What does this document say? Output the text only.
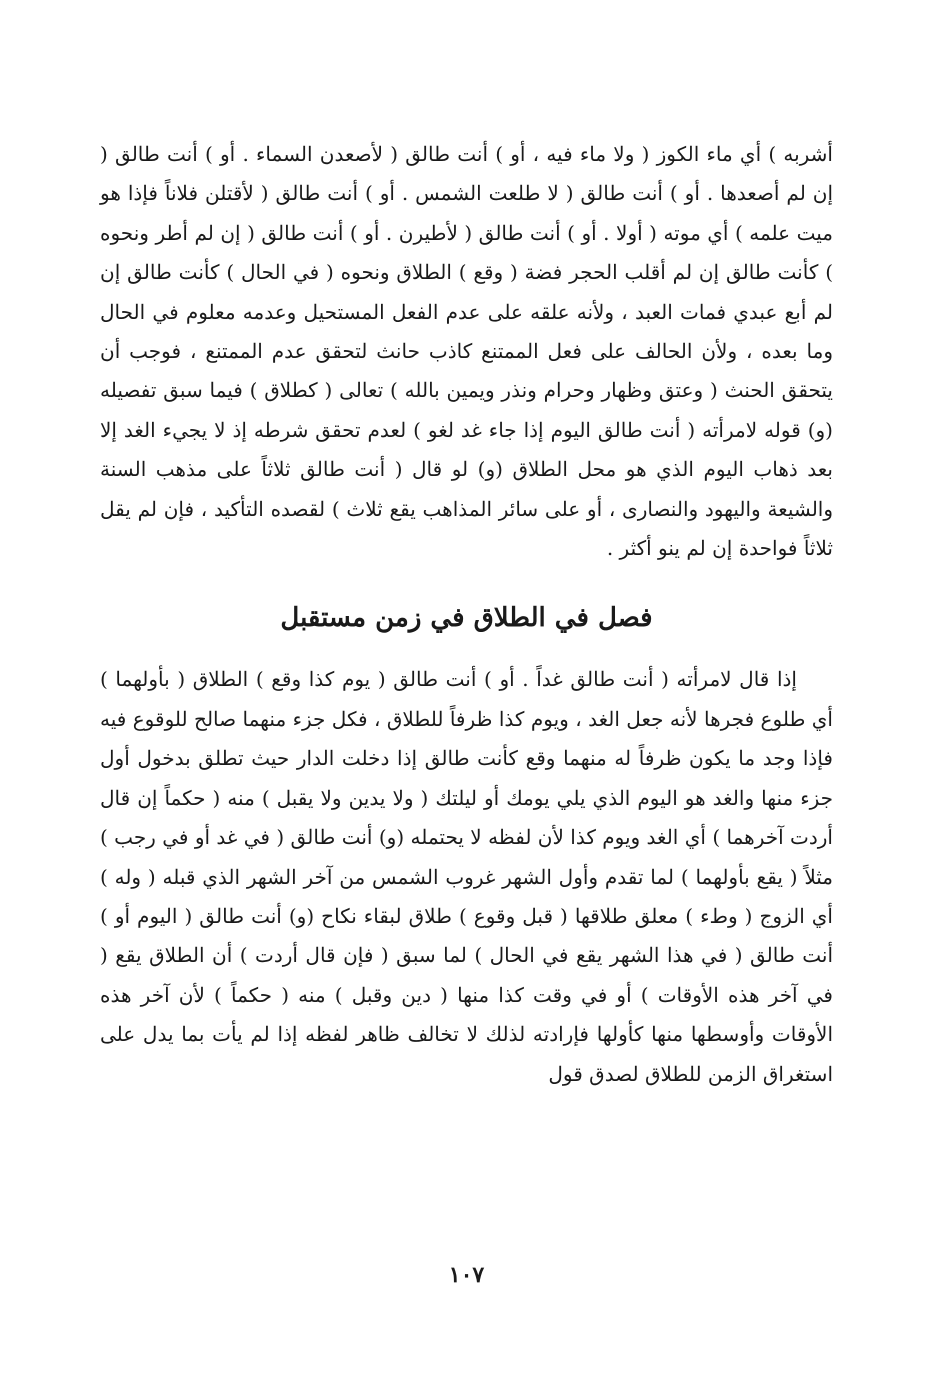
أشربه ) أي ماء الكوز ( ولا ماء فيه ، أو ) أنت طالق ( لأصعدن السماء . أو ) أنت طالق ( إن لم أصعدها . أو ) أنت طالق ( لا طلعت الشمس . أو ) أنت طالق ( لأقتلن فلاناً فإذا هو ميت علمه ) أي موته ( أولا . أو ) أنت طالق ( لأطيرن . أو ) أنت طالق ( إن لم أطر ونحوه ) كأنت طالق إن لم أقلب الحجر فضة ( وقع ) الطلاق ونحوه ( في الحال ) كأنت طالق إن لم أبع عبدي فمات العبد ، ولأنه علقه على عدم الفعل المستحيل وعدمه معلوم في الحال وما بعده ، ولأن الحالف على فعل الممتنع كاذب حانث لتحقق عدم الممتنع ، فوجب أن يتحقق الحنث ( وعتق وظهار وحرام ونذر ويمين بالله ) تعالى ( كطلاق ) فيما سبق تفصيله (و) قوله لامرأته ( أنت طالق اليوم إذا جاء غد لغو ) لعدم تحقق شرطه إذ لا يجيء الغد إلا بعد ذهاب اليوم الذي هو محل الطلاق (و) لو قال ( أنت طالق ثلاثاً على مذهب السنة والشيعة واليهود والنصارى ، أو على سائر المذاهب يقع ثلاث ) لقصده التأكيد ، فإن لم يقل ثلاثاً فواحدة إن لم ينو أكثر .

فصل في الطلاق في زمن مستقبل

إذا قال لامرأته ( أنت طالق غداً . أو ) أنت طالق ( يوم كذا وقع ) الطلاق ( بأولهما ) أي طلوع فجرها لأنه جعل الغد ، ويوم كذا ظرفاً للطلاق ، فكل جزء منهما صالح للوقوع فيه فإذا وجد ما يكون ظرفاً له منهما وقع كأنت طالق إذا دخلت الدار حيث تطلق بدخول أول جزء منها والغد هو اليوم الذي يلي يومك أو ليلتك ( ولا يدين ولا يقبل ) منه ( حكماً إن قال أردت آخرهما ) أي الغد ويوم كذا لأن لفظه لا يحتمله (و) أنت طالق ( في غد أو في رجب ) مثلاً ( يقع بأولهما ) لما تقدم وأول الشهر غروب الشمس من آخر الشهر الذي قبله ( وله ) أي الزوج ( وطء ) معلق طلاقها ( قبل وقوع ) طلاق لبقاء نكاح (و) أنت طالق ( اليوم أو ) أنت طالق ( في هذا الشهر يقع في الحال ) لما سبق ( فإن قال أردت ) أن الطلاق يقع ( في آخر هذه الأوقات ) أو في وقت كذا منها ( دين وقبل ) منه ( حكماً ) لأن آخر هذه الأوقات وأوسطها منها كأولها فإرادته لذلك لا تخالف ظاهر لفظه إذا لم يأت بما يدل على استغراق الزمن للطلاق لصدق قول

١٠٧
